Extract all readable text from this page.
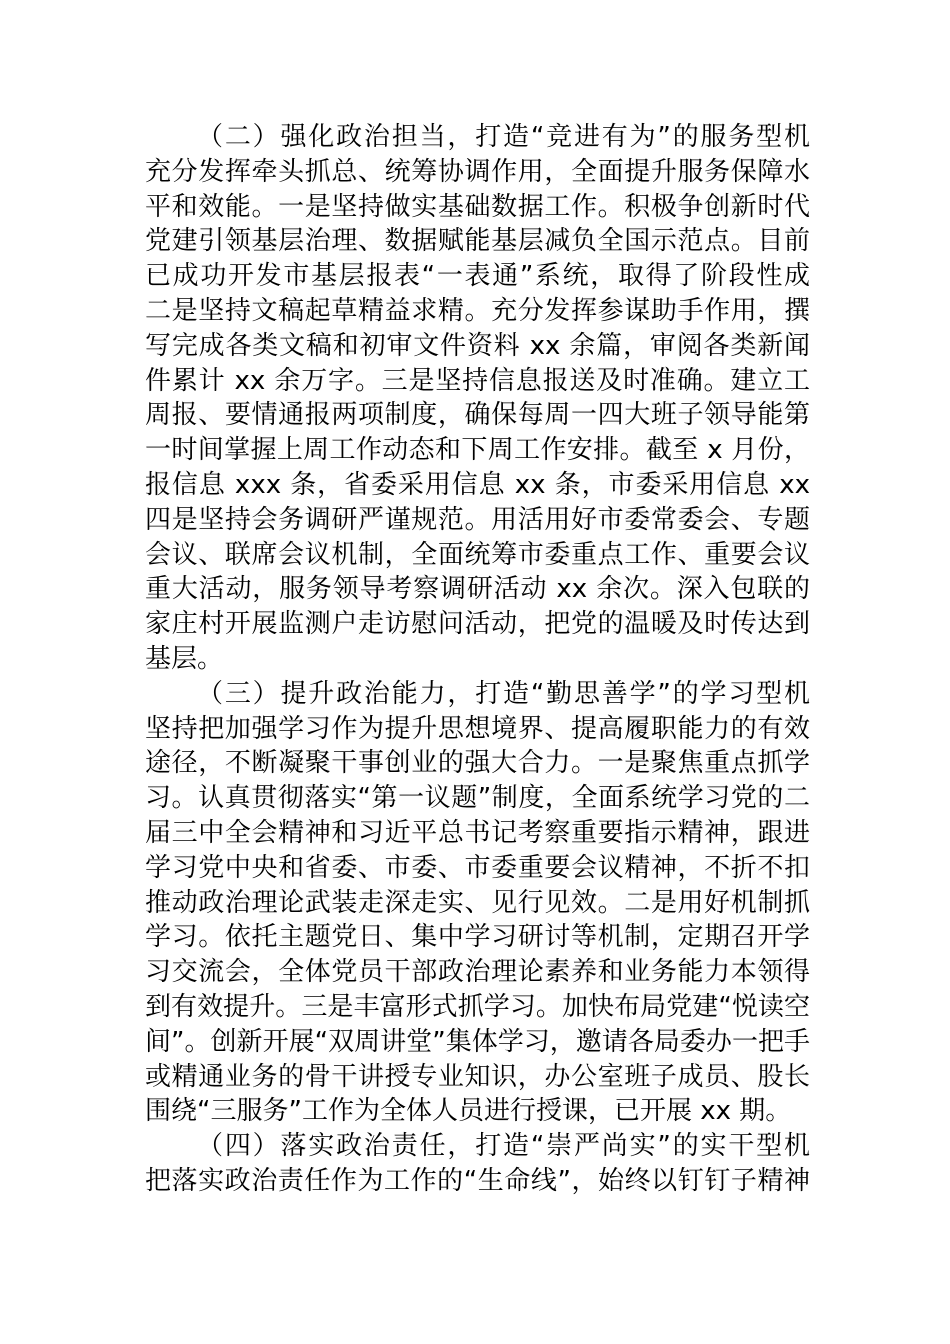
（二）强化政治担当，打造“竞进有为”的服务型机
充分发挥牵头抓总、统筹协调作用，全面提升服务保障水
平和效能。一是坚持做实基础数据工作。积极争创新时代
党建引领基层治理、数据赋能基层减负全国示范点。目前
已成功开发市基层报表“一表通”系统，取得了阶段性成
二是坚持文稿起草精益求精。充分发挥参谋助手作用，撰
写完成各类文稿和初审文件资料 xx 余篇，审阅各类新闻
件累计 xx 余万字。三是坚持信息报送及时准确。建立工
周报、要情通报两项制度，确保每周一四大班子领导能第
一时间掌握上周工作动态和下周工作安排。截至 x 月份，
报信息 xxx 条，省委采用信息 xx 条，市委采用信息 xx
四是坚持会务调研严谨规范。用活用好市委常委会、专题
会议、联席会议机制，全面统筹市委重点工作、重要会议
重大活动，服务领导考察调研活动 xx 余次。深入包联的
家庄村开展监测户走访慰问活动，把党的温暖及时传达到
基层。
（三）提升政治能力，打造“勤思善学”的学习型机
坚持把加强学习作为提升思想境界、提高履职能力的有效
途径，不断凝聚干事创业的强大合力。一是聚焦重点抓学
习。认真贯彻落实“第一议题”制度，全面系统学习党的二
届三中全会精神和习近平总书记考察重要指示精神，跟进
学习党中央和省委、市委、市委重要会议精神，不折不扣
推动政治理论武装走深走实、见行见效。二是用好机制抓
学习。依托主题党日、集中学习研讨等机制，定期召开学
习交流会，全体党员干部政治理论素养和业务能力本领得
到有效提升。三是丰富形式抓学习。加快布局党建“悦读空
间”。创新开展“双周讲堂”集体学习，邀请各局委办一把手
或精通业务的骨干讲授专业知识，办公室班子成员、股长
围绕“三服务”工作为全体人员进行授课，已开展 xx 期。
（四）落实政治责任，打造“崇严尚实”的实干型机
把落实政治责任作为工作的“生命线”，始终以钉钉子精神
